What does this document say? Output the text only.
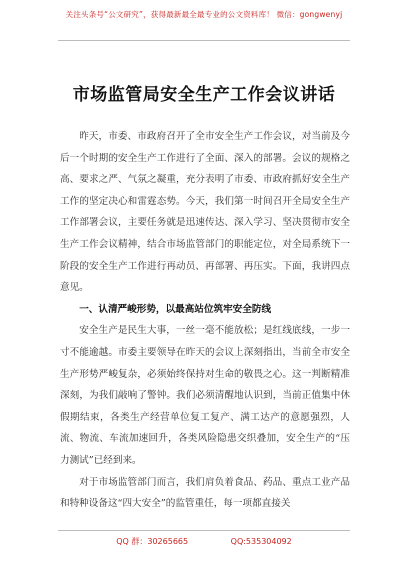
关注头条号“公文研究”，获得最新最全最专业的公文资料库！ 微信：gongwenyj
市场监管局安全生产工作会议讲话

昨天，市委、市政府召开了全市安全生产工作会议，对当前及今后一个时期的安全生产工作进行了全面、深入的部署。会议的规格之高、要求之严、气氛之凝重，充分表明了市委、市政府抓好安全生产工作的坚定决心和雷霆态势。今天，我们第一时间召开全局安全生产工作部署会议，主要任务就是迅速传达、深入学习、坚决贯彻市安全生产工作会议精神，结合市场监管部门的职能定位，对全局系统下一阶段的安全生产工作进行再动员、再部署、再压实。下面，我讲四点意见。

一、认清严峻形势，以最高站位筑牢安全防线

安全生产是民生大事，一丝一毫不能放松；是红线底线，一步一寸不能逾越。市委主要领导在昨天的会议上深刻指出，当前全市安全生产形势严峻复杂，必须始终保持对生命的敬畏之心。这一判断精准深刻，为我们敲响了警钟。我们必须清醒地认识到，当前正值集中休假期结束，各类生产经营单位复工复产、满工达产的意愿强烈，人流、物流、车流加速回升，各类风险隐患交织叠加，安全生产的“压力测试”已经到来。

对于市场监管部门而言，我们肩负着食品、药品、重点工业产品和特种设备这“四大安全”的监管重任，每一项都直接关

QQ 群：30265665	QQ:535304092
